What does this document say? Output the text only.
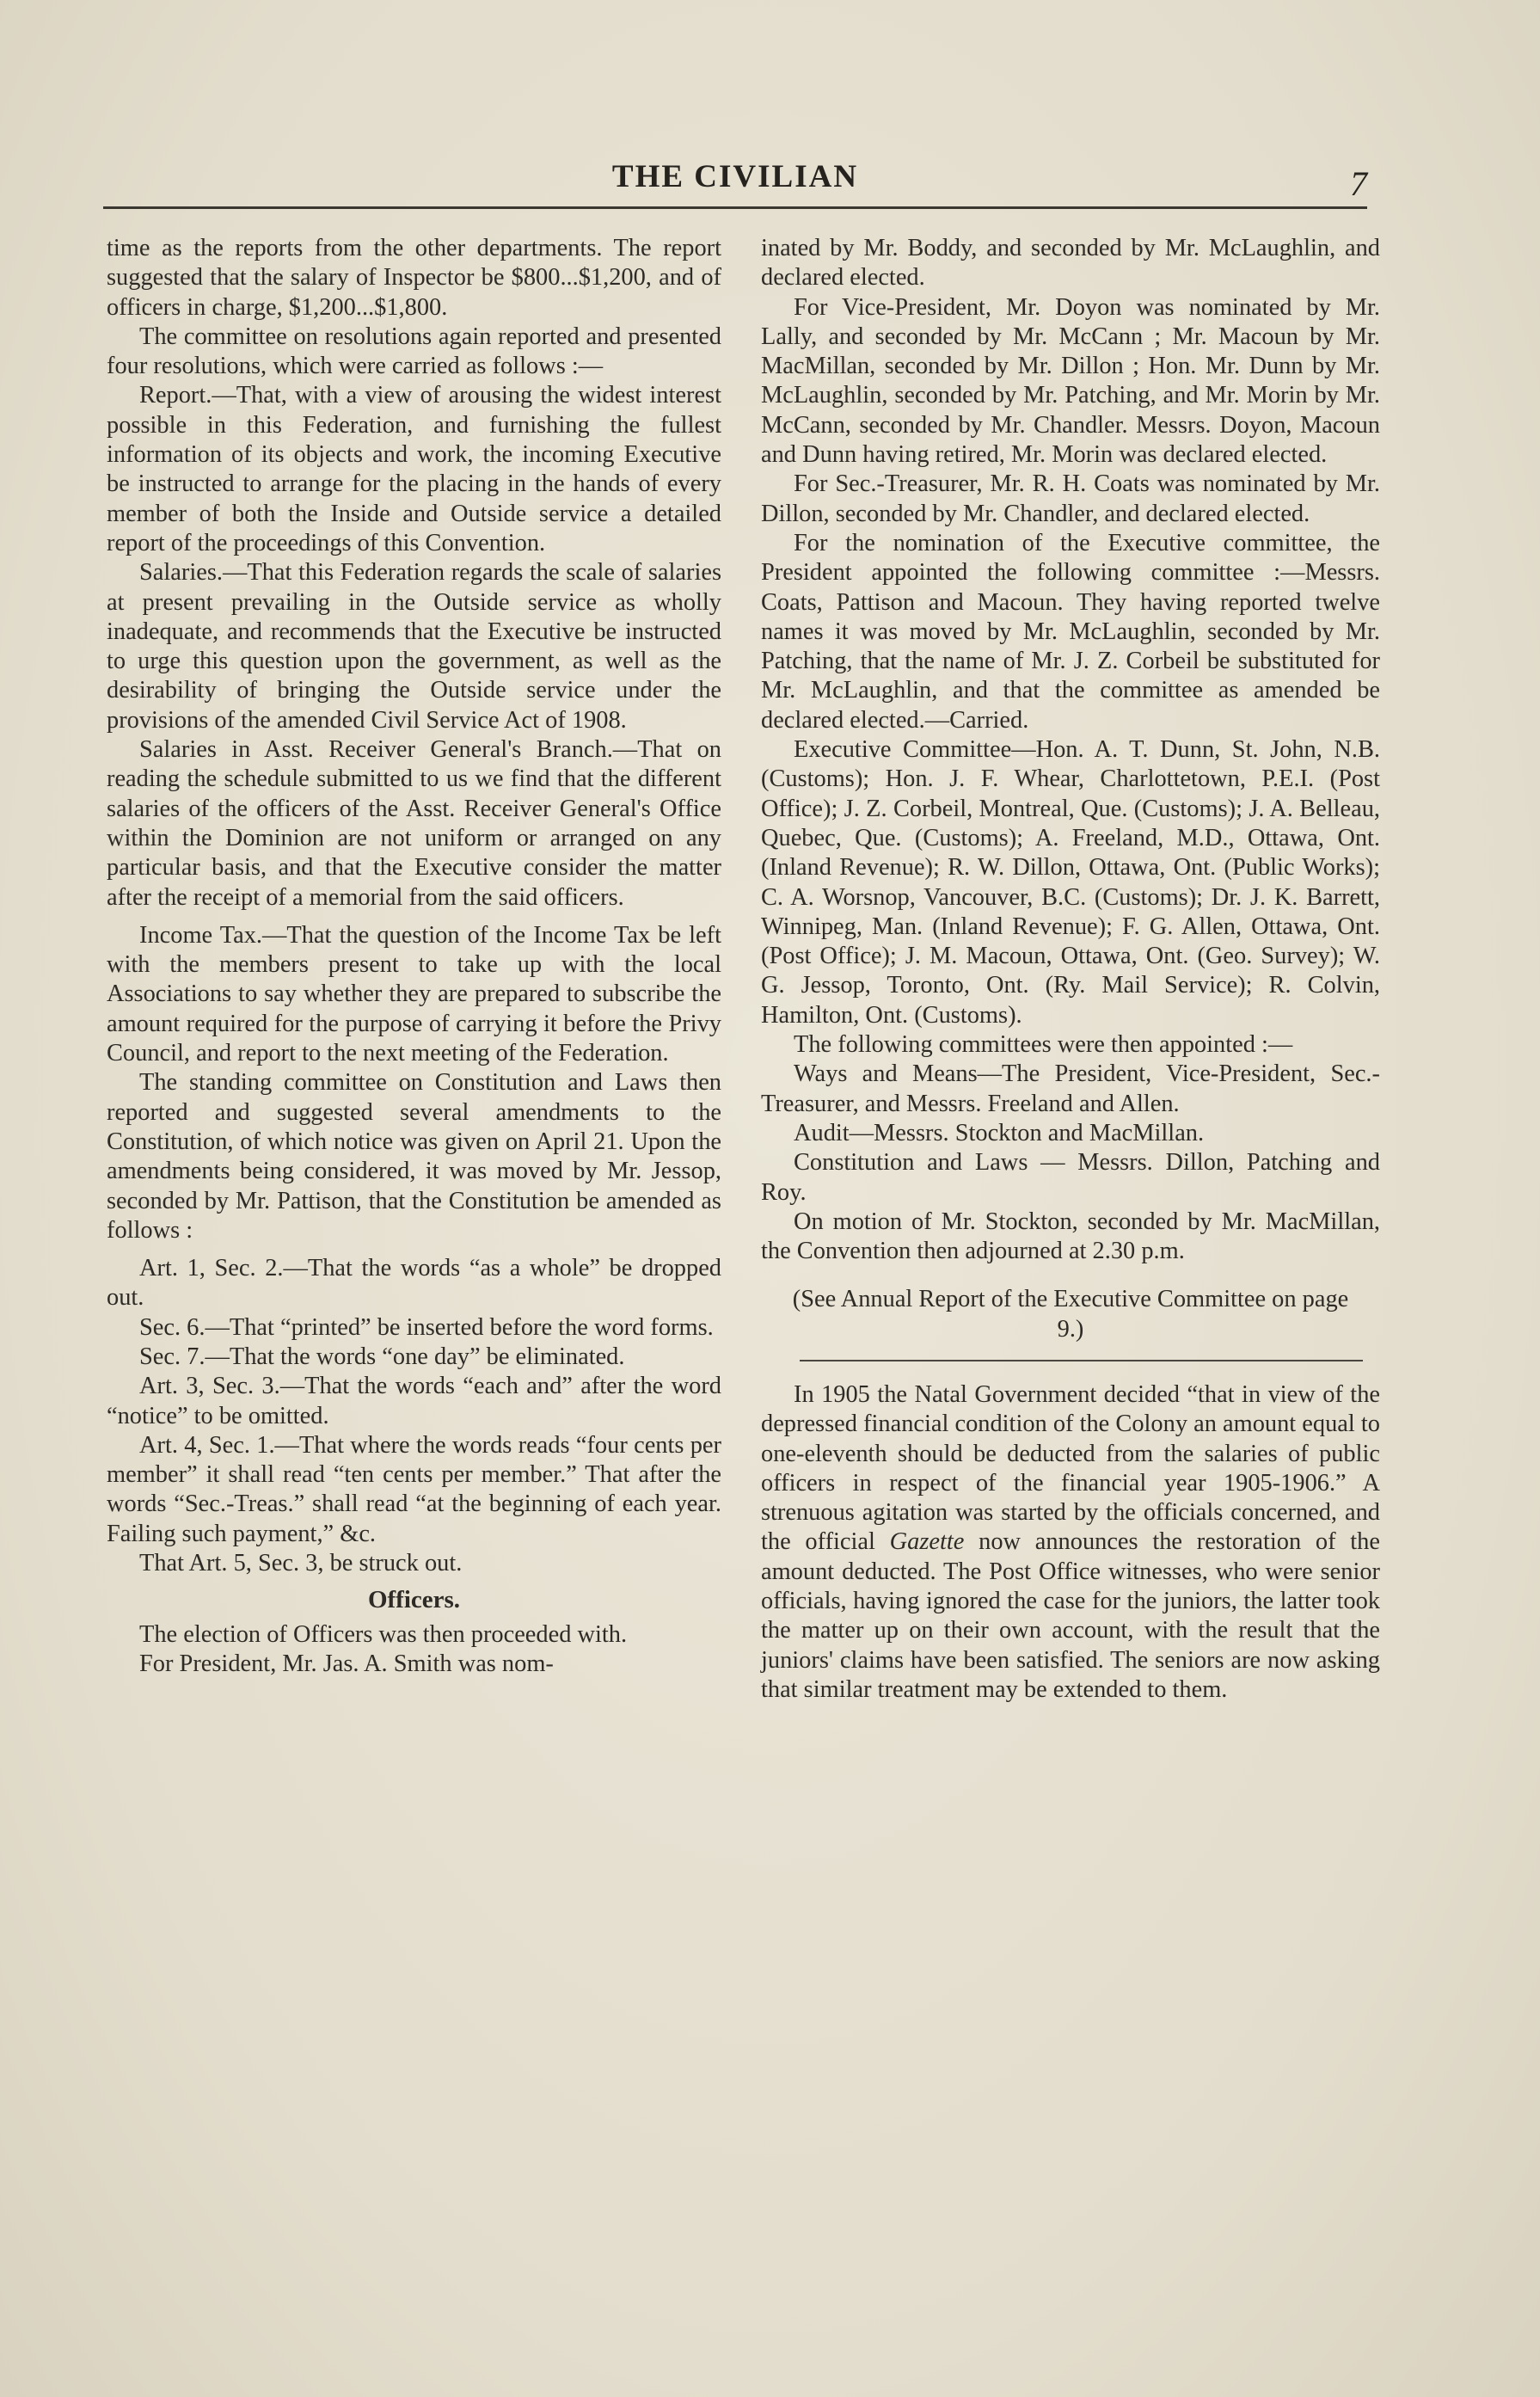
THE CIVILIAN	7

time as the reports from the other departments. The report suggested that the salary of Inspector be $800...$1,200, and of officers in charge, $1,200...$1,800.

The committee on resolutions again reported and presented four resolutions, which were carried as follows :—

Report.—That, with a view of arousing the widest interest possible in this Federation, and furnishing the fullest information of its objects and work, the incoming Executive be instructed to arrange for the placing in the hands of every member of both the Inside and Outside service a detailed report of the proceedings of this Convention.

Salaries.—That this Federation regards the scale of salaries at present prevailing in the Outside service as wholly inadequate, and recommends that the Executive be instructed to urge this question upon the government, as well as the desirability of bringing the Outside service under the provisions of the amended Civil Service Act of 1908.

Salaries in Asst. Receiver General's Branch.—That on reading the schedule submitted to us we find that the different salaries of the officers of the Asst. Receiver General's Office within the Dominion are not uniform or arranged on any particular basis, and that the Executive consider the matter after the receipt of a memorial from the said officers.

Income Tax.—That the question of the Income Tax be left with the members present to take up with the local Associations to say whether they are prepared to subscribe the amount required for the purpose of carrying it before the Privy Council, and report to the next meeting of the Federation.

The standing committee on Constitution and Laws then reported and suggested several amendments to the Constitution, of which notice was given on April 21. Upon the amendments being considered, it was moved by Mr. Jessop, seconded by Mr. Pattison, that the Constitution be amended as follows :

Art. 1, Sec. 2.—That the words “as a whole” be dropped out.

Sec. 6.—That “printed” be inserted before the word forms.

Sec. 7.—That the words “one day” be eliminated.

Art. 3, Sec. 3.—That the words “each and” after the word “notice” to be omitted.

Art. 4, Sec. 1.—That where the words reads “four cents per member” it shall read “ten cents per member.” That after the words “Sec.-Treas.” shall read “at the beginning of each year. Failing such payment,” &c.

That Art. 5, Sec. 3, be struck out.

Officers.

The election of Officers was then proceeded with.

For President, Mr. Jas. A. Smith was nom-

inated by Mr. Boddy, and seconded by Mr. McLaughlin, and declared elected.

For Vice-President, Mr. Doyon was nominated by Mr. Lally, and seconded by Mr. McCann ; Mr. Macoun by Mr. MacMillan, seconded by Mr. Dillon ; Hon. Mr. Dunn by Mr. McLaughlin, seconded by Mr. Patching, and Mr. Morin by Mr. McCann, seconded by Mr. Chandler. Messrs. Doyon, Macoun and Dunn having retired, Mr. Morin was declared elected.

For Sec.-Treasurer, Mr. R. H. Coats was nominated by Mr. Dillon, seconded by Mr. Chandler, and declared elected.

For the nomination of the Executive committee, the President appointed the following committee :—Messrs. Coats, Pattison and Macoun. They having reported twelve names it was moved by Mr. McLaughlin, seconded by Mr. Patching, that the name of Mr. J. Z. Corbeil be substituted for Mr. McLaughlin, and that the committee as amended be declared elected.—Carried.

Executive Committee—Hon. A. T. Dunn, St. John, N.B. (Customs); Hon. J. F. Whear, Charlottetown, P.E.I. (Post Office); J. Z. Corbeil, Montreal, Que. (Customs); J. A. Belleau, Quebec, Que. (Customs); A. Freeland, M.D., Ottawa, Ont. (Inland Revenue); R. W. Dillon, Ottawa, Ont. (Public Works); C. A. Worsnop, Vancouver, B.C. (Customs); Dr. J. K. Barrett, Winnipeg, Man. (Inland Revenue); F. G. Allen, Ottawa, Ont. (Post Office); J. M. Macoun, Ottawa, Ont. (Geo. Survey); W. G. Jessop, Toronto, Ont. (Ry. Mail Service); R. Colvin, Hamilton, Ont. (Customs).

The following committees were then appointed :—

Ways and Means—The President, Vice-President, Sec.-Treasurer, and Messrs. Freeland and Allen.

Audit—Messrs. Stockton and MacMillan.

Constitution and Laws — Messrs. Dillon, Patching and Roy.

On motion of Mr. Stockton, seconded by Mr. MacMillan, the Convention then adjourned at 2.30 p.m.

(See Annual Report of the Executive Committee on page 9.)

In 1905 the Natal Government decided “that in view of the depressed financial condition of the Colony an amount equal to one-eleventh should be deducted from the salaries of public officers in respect of the financial year 1905-1906.” A strenuous agitation was started by the officials concerned, and the official Gazette now announces the restoration of the amount deducted. The Post Office witnesses, who were senior officials, having ignored the case for the juniors, the latter took the matter up on their own account, with the result that the juniors' claims have been satisfied. The seniors are now asking that similar treatment may be extended to them.
